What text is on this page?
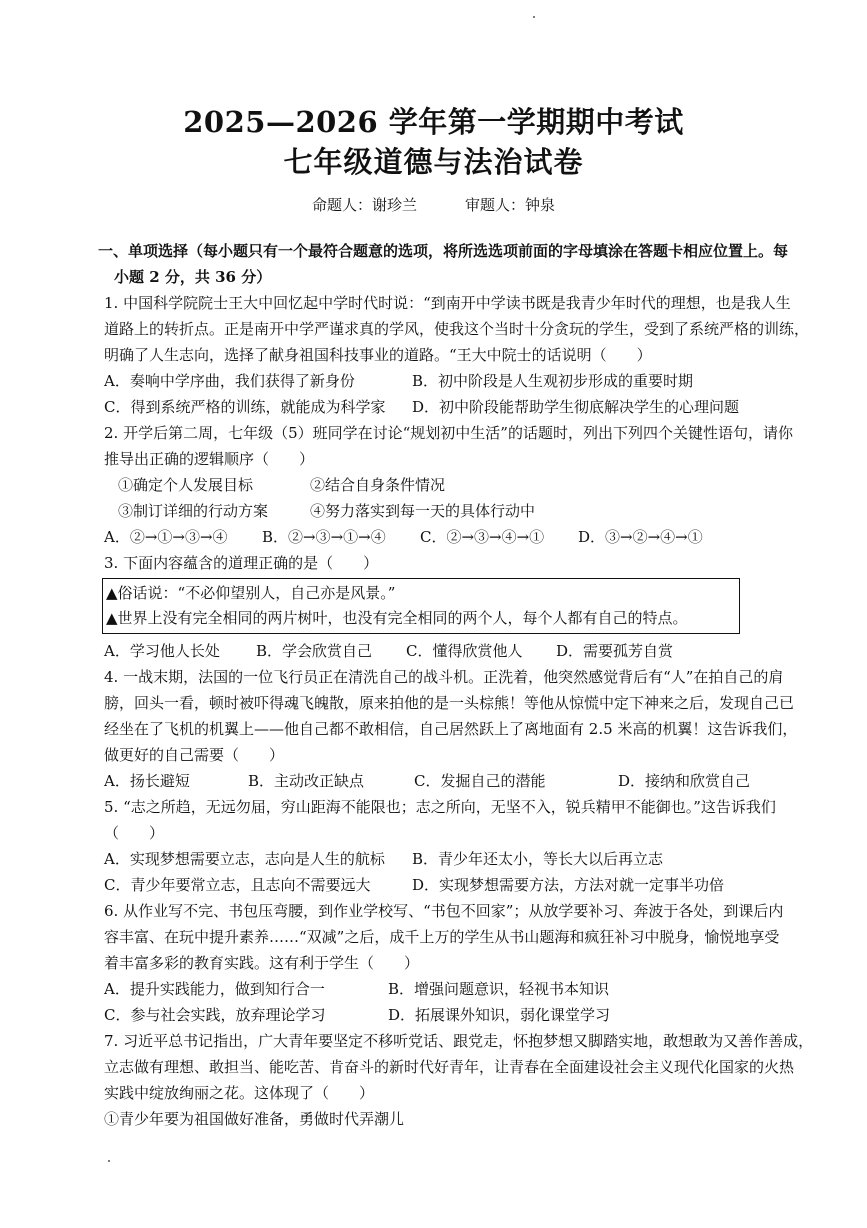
2025—2026 学年第一学期期中考试
七年级道德与法治试卷
命题人：谢珍兰	审题人：钟泉
一、单项选择（每小题只有一个最符合题意的选项，将所选选项前面的字母填涂在答题卡相应位置上。每
小题 2 分，共 36 分）
1. 中国科学院院士王大中回忆起中学时代时说：“到南开中学读书既是我青少年时代的理想，也是我人生
道路上的转折点。正是南开中学严谨求真的学风，使我这个当时十分贪玩的学生，受到了系统严格的训练，
明确了人生志向，选择了献身祖国科技事业的道路。“王大中院士的话说明（　　）
A．奏响中学序曲，我们获得了新身份	B．初中阶段是人生观初步形成的重要时期
C．得到系统严格的训练，就能成为科学家	D．初中阶段能帮助学生彻底解决学生的心理问题
2. 开学后第二周，七年级（5）班同学在讨论“规划初中生活”的话题时，列出下列四个关键性语句，请你
推导出正确的逻辑顺序（　　）
①确定个人发展目标	②结合自身条件情况
③制订详细的行动方案	④努力落实到每一天的具体行动中
A．②→①→③→④	B．②→③→①→④	C．②→③→④→①	D．③→②→④→①
3. 下面内容蕴含的道理正确的是（　　）
▲俗话说：“不必仰望别人，自己亦是风景。”
▲世界上没有完全相同的两片树叶，也没有完全相同的两个人，每个人都有自己的特点。
A．学习他人长处	B．学会欣赏自己	C．懂得欣赏他人	D．需要孤芳自赏
4. 一战末期，法国的一位飞行员正在清洗自己的战斗机。正洗着，他突然感觉背后有“人”在拍自己的肩
膀，回头一看，顿时被吓得魂飞魄散，原来拍他的是一头棕熊！等他从惊慌中定下神来之后，发现自己已
经坐在了飞机的机翼上——他自己都不敢相信，自己居然跃上了离地面有 2.5 米高的机翼！这告诉我们，
做更好的自己需要（　　）
A．扬长避短	B．主动改正缺点	C．发掘自己的潜能	D．接纳和欣赏自己
5. “志之所趋，无远勿届，穷山距海不能限也；志之所向，无坚不入，锐兵精甲不能御也。”这告诉我们
（　　）
A．实现梦想需要立志，志向是人生的航标	B．青少年还太小，等长大以后再立志
C．青少年要常立志，且志向不需要远大	D．实现梦想需要方法，方法对就一定事半功倍
6. 从作业写不完、书包压弯腰，到作业学校写、“书包不回家”；从放学要补习、奔波于各处，到课后内
容丰富、在玩中提升素养……“双减”之后，成千上万的学生从书山题海和疯狂补习中脱身，愉悦地享受
着丰富多彩的教育实践。这有利于学生（　　）
A．提升实践能力，做到知行合一	B．增强问题意识，轻视书本知识
C．参与社会实践，放弃理论学习	D．拓展课外知识，弱化课堂学习
7. 习近平总书记指出，广大青年要坚定不移听党话、跟党走，怀抱梦想又脚踏实地，敢想敢为又善作善成，
立志做有理想、敢担当、能吃苦、肯奋斗的新时代好青年，让青春在全面建设社会主义现代化国家的火热
实践中绽放绚丽之花。这体现了（　　）
①青少年要为祖国做好准备，勇做时代弄潮儿
